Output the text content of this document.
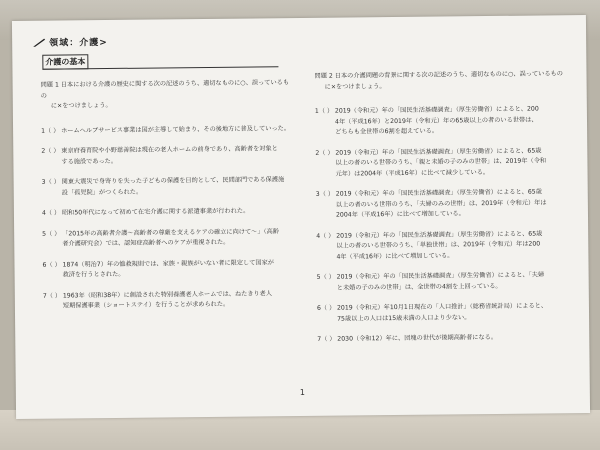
領域：介護>
介護の基本
問題 1 日本における介護の歴史に関する次の記述のうち、適切なものに○、誤っているもの
に×をつけましょう。
1（ ） ホームヘルプサービス事業は国が主導して始まり、その後地方に普及していった。
2（ ） 東京府養育院や小野慈善院は現在の老人ホームの前身であり、高齢者を対象と
する施設であった。
3（ ） 関東大震災で身寄りを失った子どもの保護を目的として、民間部門である保護施
設「孤児院」がつくられた。
4（ ） 昭和50年代になって初めて在宅介護に関する派遣事業が行われた。
5（ ） 「2015年の高齢者介護〜高齢者の尊厳を支えるケアの確立に向けて〜」（高齢
者介護研究会）では、認知症高齢者へのケアが重視された。
6（ ） 1874（明治7）年の恤救規則では、家族・親族がいない者に限定して国家が
救済を行うとされた。
7（ ） 1963年（昭和38年）に創設された特別養護老人ホームでは、ねたきり老人
短期保護事業（ショートステイ）を行うことが求められた。
問題 2 日本の介護問題の背景に関する次の記述のうち、適切なものに○、誤っているもの
に×をつけましょう。
1（ ） 2019（令和元）年の「国民生活基礎調査」（厚生労働省）によると、200
4年（平成16年）と2019年（令和元）年の65歳以上の者のいる世帯は、
どちらも全世帯の6割を超えている。
2（ ） 2019（令和元）年の「国民生活基礎調査」（厚生労働省）によると、65歳
以上の者のいる世帯のうち、「親と未婚の子のみの世帯」は、2019年（令和
元年）は2004年（平成16年）に比べて減少している。
3（ ） 2019（令和元）年の「国民生活基礎調査」（厚生労働省）によると、65歳
以上の者のいる世帯のうち、「夫婦のみの世帯」は、2019年（令和元）年は
2004年（平成16年）に比べて増加している。
4（ ） 2019（令和元）年の「国民生活基礎調査」（厚生労働省）によると、65歳
以上の者のいる世帯のうち、「単独世帯」は、2019年（令和元）年は200
4年（平成16年）に比べて増加している。
5（ ） 2019（令和元）年の「国民生活基礎調査」（厚生労働省）によると、「夫婦
と未婚の子のみの世帯」は、全世帯の4割を上回っている。
6（ ） 2019（令和元）年10月1日現在の「人口推計」（総務省統計局）によると、
75歳以上の人口は15歳未満の人口より少ない。
7（ ） 2030（令和12）年に、団塊の世代が後期高齢者になる。
1
